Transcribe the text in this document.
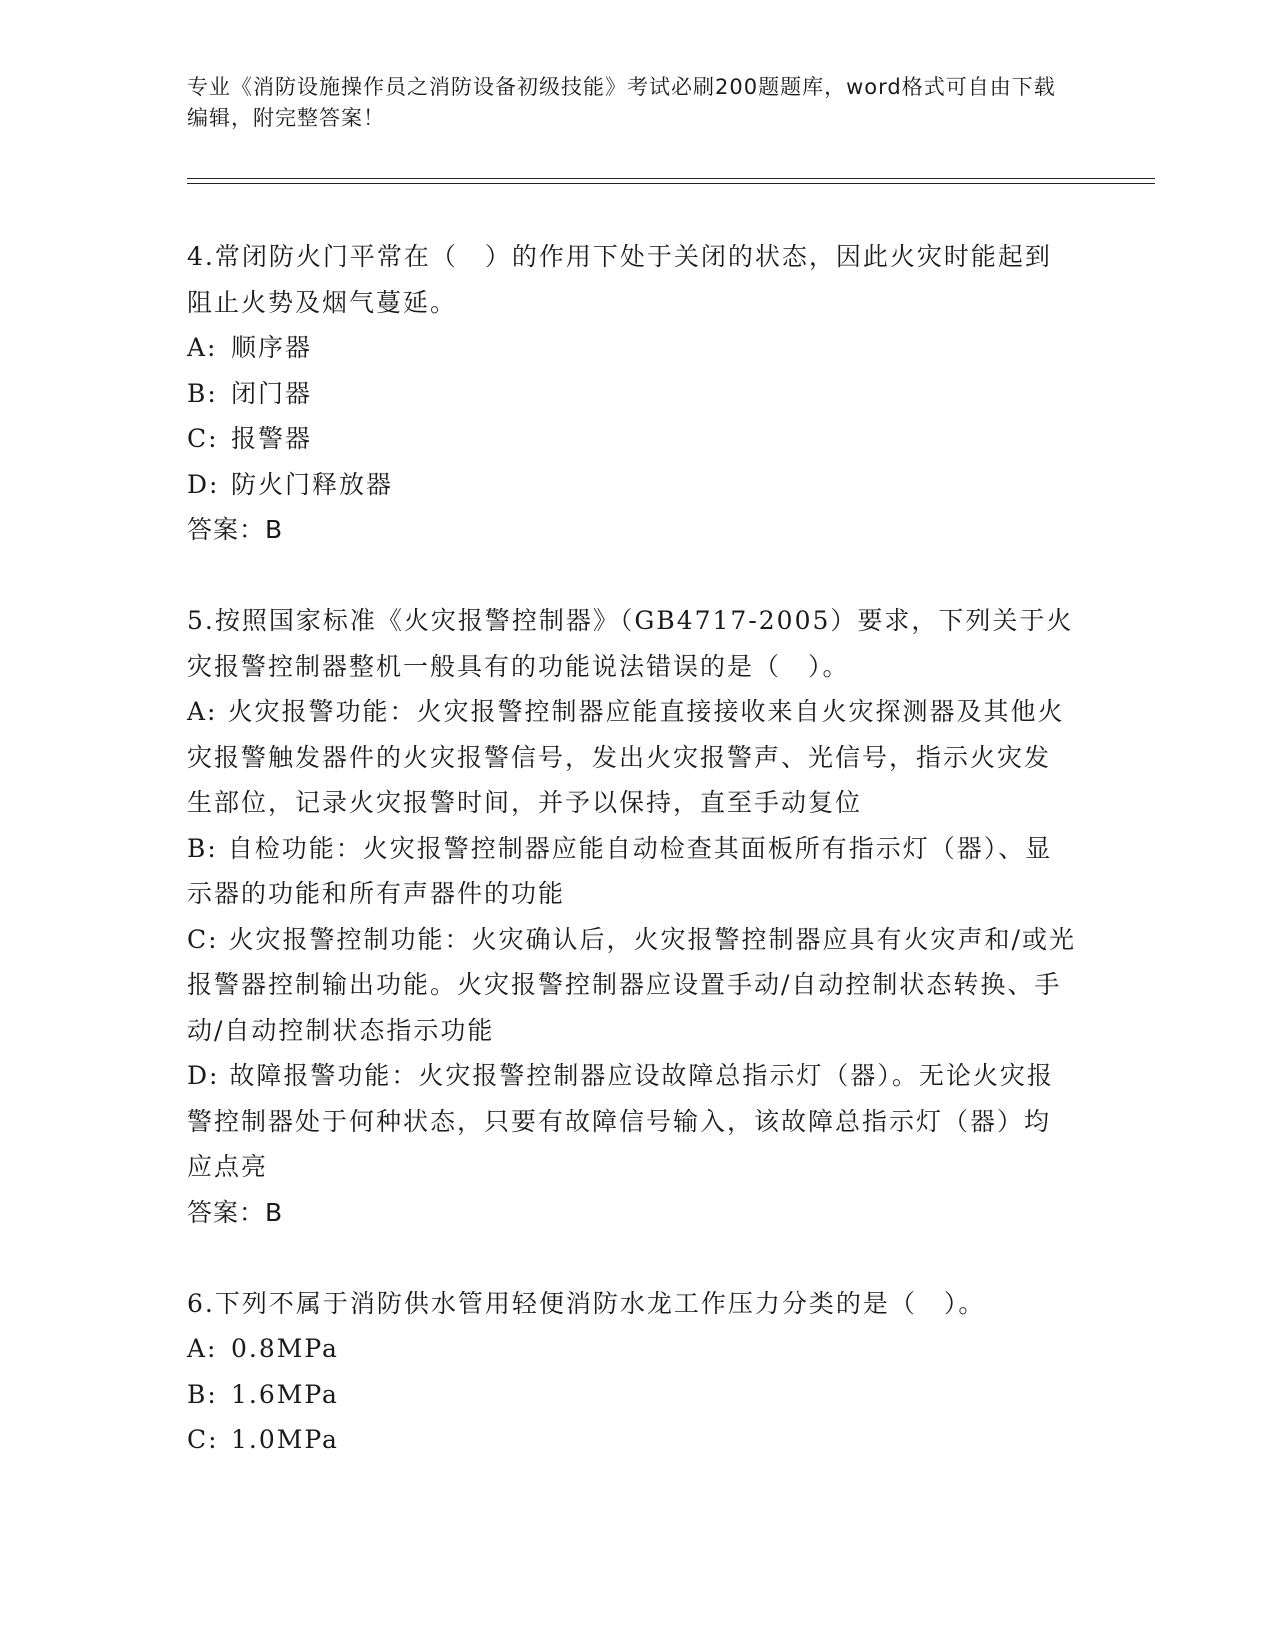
专业《消防设施操作员之消防设备初级技能》考试必刷200题题库，word格式可自由下载编辑，附完整答案！

4.常闭防火门平常在（　）的作用下处于关闭的状态，因此火灾时能起到阻止火势及烟气蔓延。

A: 顺序器

B: 闭门器

C: 报警器

D: 防火门释放器

答案：B

5.按照国家标准《火灾报警控制器》（GB4717-2005）要求，下列关于火灾报警控制器整机一般具有的功能说法错误的是（　）。

A: 火灾报警功能：火灾报警控制器应能直接接收来自火灾探测器及其他火灾报警触发器件的火灾报警信号，发出火灾报警声、光信号，指示火灾发生部位，记录火灾报警时间，并予以保持，直至手动复位

B: 自检功能：火灾报警控制器应能自动检查其面板所有指示灯（器）、显示器的功能和所有声器件的功能

C: 火灾报警控制功能：火灾确认后，火灾报警控制器应具有火灾声和/或光报警器控制输出功能。火灾报警控制器应设置手动/自动控制状态转换、手动/自动控制状态指示功能

D: 故障报警功能：火灾报警控制器应设故障总指示灯（器）。无论火灾报警控制器处于何种状态，只要有故障信号输入，该故障总指示灯（器）均应点亮

答案：B

6.下列不属于消防供水管用轻便消防水龙工作压力分类的是（　）。

A: 0.8MPa

B: 1.6MPa

C: 1.0MPa
